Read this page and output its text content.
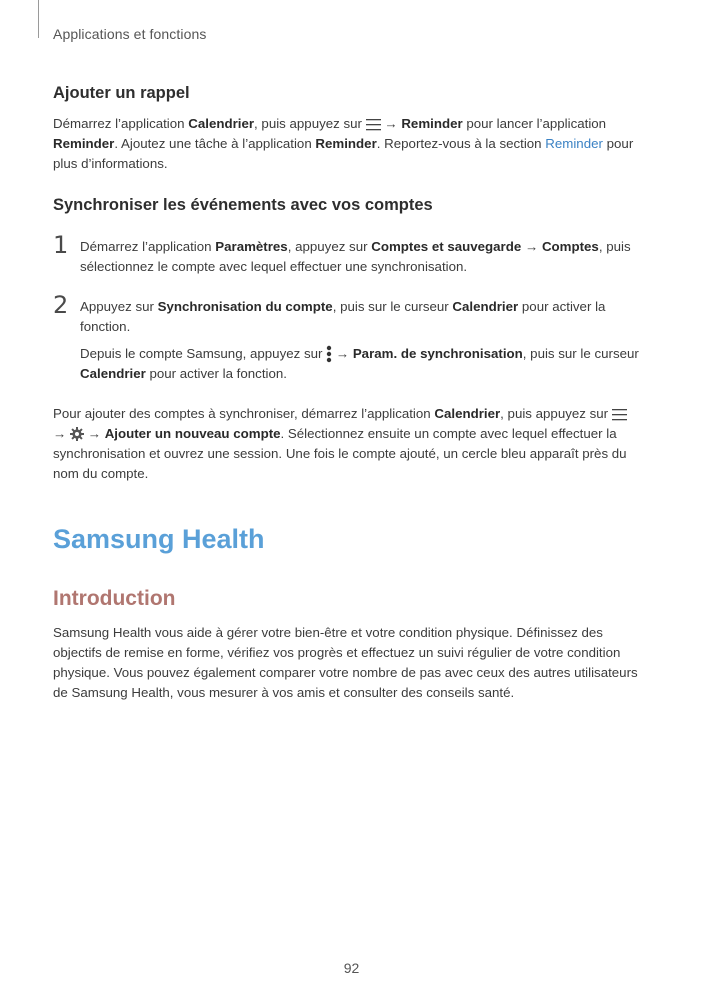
Applications et fonctions
Ajouter un rappel
Démarrez l’application Calendrier, puis appuyez sur
→ Reminder pour lancer l’application Reminder. Ajoutez une tâche à l’application Reminder. Reportez-vous à la section Reminder pour plus d’informations.
Synchroniser les événements avec vos comptes
1 Démarrez l’application Paramètres, appuyez sur Comptes et sauvegarde → Comptes, puis sélectionnez le compte avec lequel effectuer une synchronisation.
2 Appuyez sur Synchronisation du compte, puis sur le curseur Calendrier pour activer la fonction.
Depuis le compte Samsung, appuyez sur
→ Param. de synchronisation, puis sur le curseur Calendrier pour activer la fonction.
Pour ajouter des comptes à synchroniser, démarrez l’application Calendrier, puis appuyez sur
→
→ Ajouter un nouveau compte. Sélectionnez ensuite un compte avec lequel effectuer la synchronisation et ouvrez une session. Une fois le compte ajouté, un cercle bleu apparaît près du nom du compte.
Samsung Health
Introduction
Samsung Health vous aide à gérer votre bien-être et votre condition physique. Définissez des objectifs de remise en forme, vérifiez vos progrès et effectuez un suivi régulier de votre condition physique. Vous pouvez également comparer votre nombre de pas avec ceux des autres utilisateurs de Samsung Health, vous mesurer à vos amis et consulter des conseils santé.
92
